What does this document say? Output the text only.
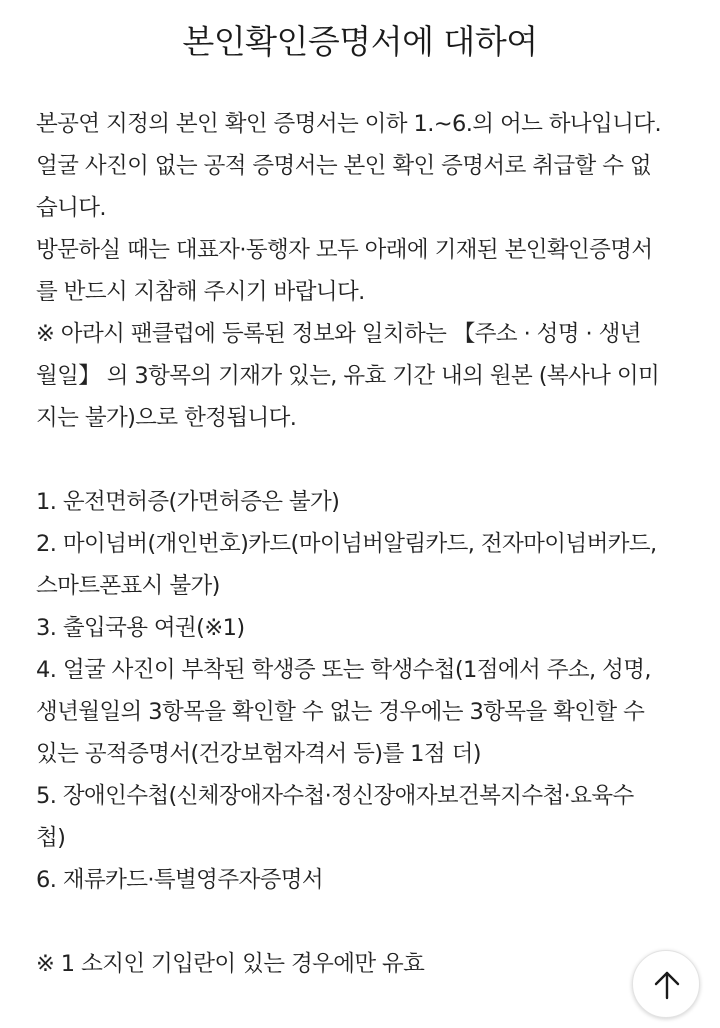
본인확인증명서에 대하여
본공연 지정의 본인 확인 증명서는 이하 1.~6.의 어느 하나입니다.
얼굴 사진이 없는 공적 증명서는 본인 확인 증명서로 취급할 수 없
습니다.
방문하실 때는 대표자·동행자 모두 아래에 기재된 본인확인증명서
를 반드시 지참해 주시기 바랍니다.
※ 아라시 팬클럽에 등록된 정보와 일치하는 【주소 · 성명 · 생년
월일】 의 3항목의 기재가 있는, 유효 기간 내의 원본 (복사나 이미
지는 불가)으로 한정됩니다.
1. 운전면허증(가면허증은 불가)
2. 마이넘버(개인번호)카드(마이넘버알림카드, 전자마이넘버카드,
스마트폰표시 불가)
3. 출입국용 여권(※1)
4. 얼굴 사진이 부착된 학생증 또는 학생수첩(1점에서 주소, 성명,
생년월일의 3항목을 확인할 수 없는 경우에는 3항목을 확인할 수
있는 공적증명서(건강보험자격서 등)를 1점 더)
5. 장애인수첩(신체장애자수첩·정신장애자보건복지수첩·요육수
첩)
6. 재류카드·특별영주자증명서
※ 1 소지인 기입란이 있는 경우에만 유효
